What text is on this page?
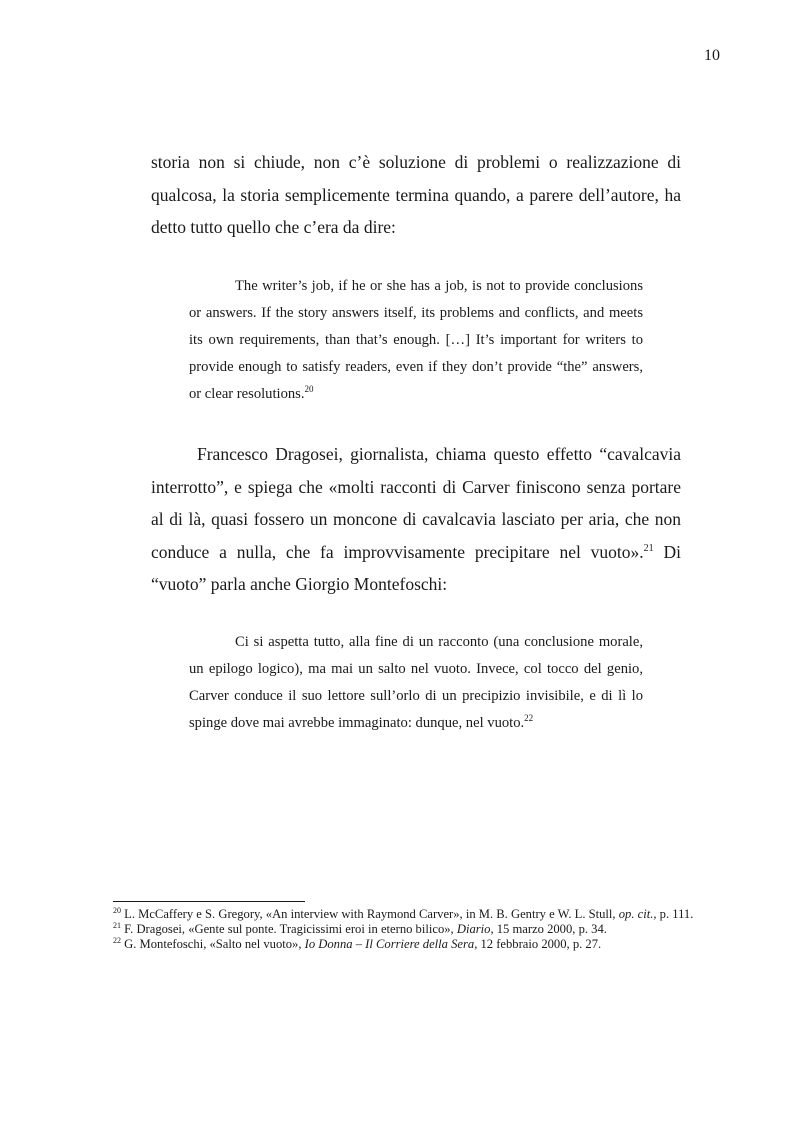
10

storia non si chiude, non c’è soluzione di problemi o realizzazione di qualcosa, la storia semplicemente termina quando, a parere dell’autore, ha detto tutto quello che c’era da dire:

The writer’s job, if he or she has a job, is not to provide conclusions or answers. If the story answers itself, its problems and conflicts, and meets its own requirements, than that’s enough. […] It’s important for writers to provide enough to satisfy readers, even if they don’t provide “the” answers, or clear resolutions.$^{20}$

Francesco Dragosei, giornalista, chiama questo effetto “cavalcavia interrotto”, e spiega che «molti racconti di Carver finiscono senza portare al di là, quasi fossero un moncone di cavalcavia lasciato per aria, che non conduce a nulla, che fa improvvisamente precipitare nel vuoto».$^{21}$ Di “vuoto” parla anche Giorgio Montefoschi:

Ci si aspetta tutto, alla fine di un racconto (una conclusione morale, un epilogo logico), ma mai un salto nel vuoto. Invece, col tocco del genio, Carver conduce il suo lettore sull’orlo di un precipizio invisibile, e di lì lo spinge dove mai avrebbe immaginato: dunque, nel vuoto.$^{22}$

$^{20}$ L. McCaffery e S. Gregory, «An interview with Raymond Carver», in M. B. Gentry e W. L. Stull, op. cit., p. 111.
$^{21}$ F. Dragosei, «Gente sul ponte. Tragicissimi eroi in eterno bilico», Diario, 15 marzo 2000, p. 34.
$^{22}$ G. Montefoschi, «Salto nel vuoto», Io Donna – Il Corriere della Sera, 12 febbraio 2000, p. 27.
